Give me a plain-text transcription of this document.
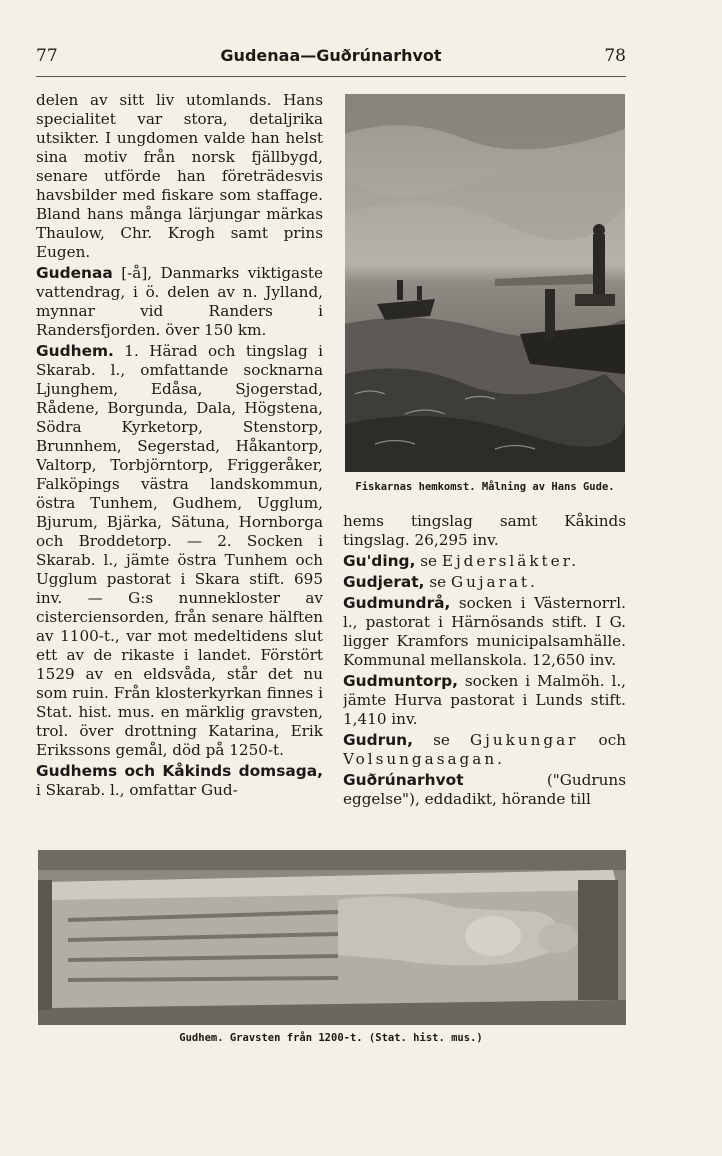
77	Gudenaa—Guðrúnarhvot	78

delen av sitt liv utomlands. Hans specialitet var stora, detaljrika utsikter. I ungdomen valde han helst sina motiv från norsk fjällbygd, senare utförde han företrädesvis havsbilder med fiskare som staffage. Bland hans många lärjungar märkas Thaulow, Chr. Krogh samt prins Eugen.

Gudenaa [-å], Danmarks viktigaste vattendrag, i ö. delen av n. Jylland, mynnar vid Randers i Randersfjorden. över 150 km.

Gudhem. 1. Härad och tingslag i Skarab. l., omfattande socknarna Ljunghem, Edåsa, Sjogerstad, Rådene, Borgunda, Dala, Högstena, Södra Kyrketorp, Stenstorp, Brunnhem, Segerstad, Håkantorp, Valtorp, Torbjörntorp, Friggeråker, Falköpings västra landskommun, östra Tunhem, Gudhem, Ugglum, Bjurum, Bjärka, Sätuna, Hornborga och Broddetorp. — 2. Socken i Skarab. l., jämte östra Tunhem och Ugglum pastorat i Skara stift. 695 inv. — G:s nunnekloster av cisterciensorden, från senare hälften av 1100-t., var mot medeltidens slut ett av de rikaste i landet. Förstört 1529 av en eldsvåda, står det nu som ruin. Från klosterkyrkan finnes i Stat. hist. mus. en märklig gravsten, trol. över drottning Katarina, Erik Erikssons gemål, död på 1250-t.

Gudhems och Kåkinds domsaga, i Skarab. l., omfattar Gud-

Fiskarnas hemkomst. Målning av Hans Gude.

hems tingslag samt Kåkinds tingslag. 26,295 inv.

Gu'ding, se Ejdersläkter.

Gudjerat, se Gujarat.

Gudmundrå, socken i Västernorrl. l., pastorat i Härnösands stift. I G. ligger Kramfors municipalsamhälle. Kommunal mellanskola. 12,650 inv.

Gudmuntorp, socken i Malmöh. l., jämte Hurva pastorat i Lunds stift. 1,410 inv.

Gudrun, se Gjukungar och Volsungasagan.

Guðrúnarhvot ("Gudruns eggelse"), eddadikt, hörande till

Gudhem. Gravsten från 1200-t. (Stat. hist. mus.)
